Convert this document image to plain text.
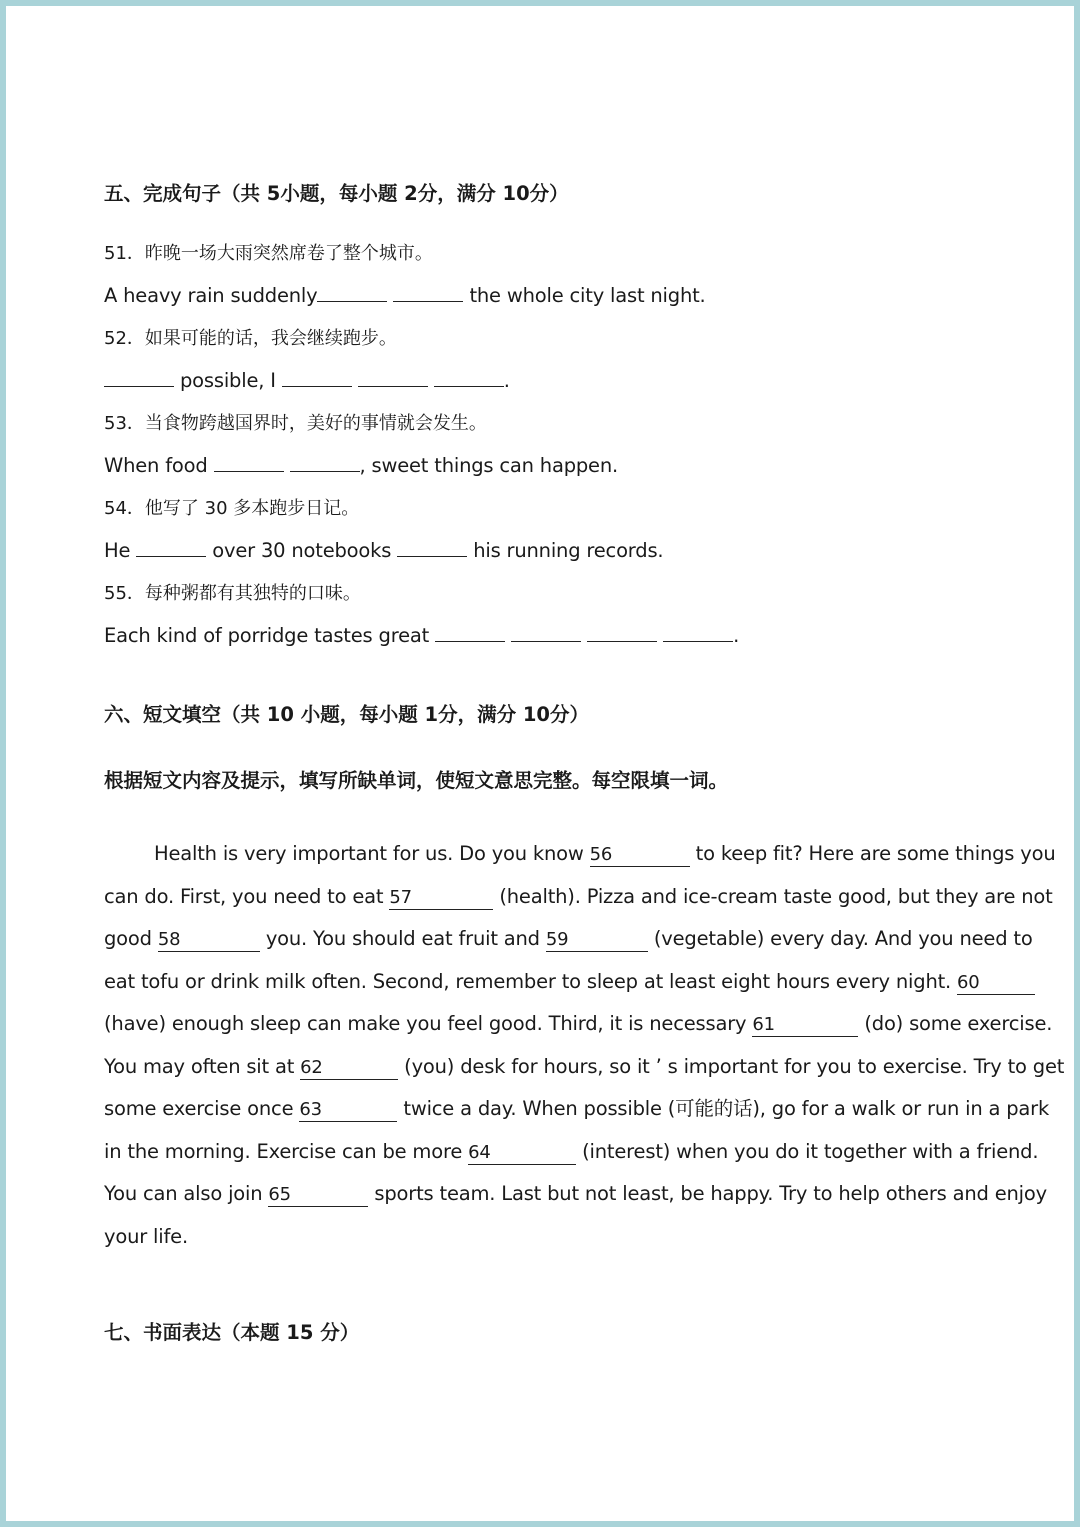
五、完成句子（共 5小题，每小题 2分，满分 10分）
51．昨晚一场大雨突然席卷了整个城市。
A heavy rain suddenly	the whole city last night.
52．如果可能的话，我会继续跑步。
possible, I	.
53．当食物跨越国界时，美好的事情就会发生。
When food	, sweet things can happen.
54．他写了 30 多本跑步日记。
He	over 30 notebooks	his running records.
55．每种粥都有其独特的口味。
Each kind of porridge tastes great	.
六、短文填空（共 10 小题，每小题 1分，满分 10分）
根据短文内容及提示，填写所缺单词，使短文意思完整。每空限填一词。
Health is very important for us. Do you know 56	to keep fit? Here are some things you
can do. First, you need to eat 57	(health). Pizza and ice-cream taste good, but they are not
good 58	you. You should eat fruit and 59	(vegetable) every day. And you need to
eat tofu or drink milk often. Second, remember to sleep at least eight hours every night. 60
(have) enough sleep can make you feel good. Third, it is necessary 61	(do) some exercise.
You may often sit at 62	(you) desk for hours, so it ’ s important for you to exercise. Try to get
some exercise once 63	twice a day. When possible (可能的话), go for a walk or run in a park
in the morning. Exercise can be more 64	(interest) when you do it together with a friend.
You can also join 65	sports team. Last but not least, be happy. Try to help others and enjoy
your life.
七、书面表达（本题 15 分）
